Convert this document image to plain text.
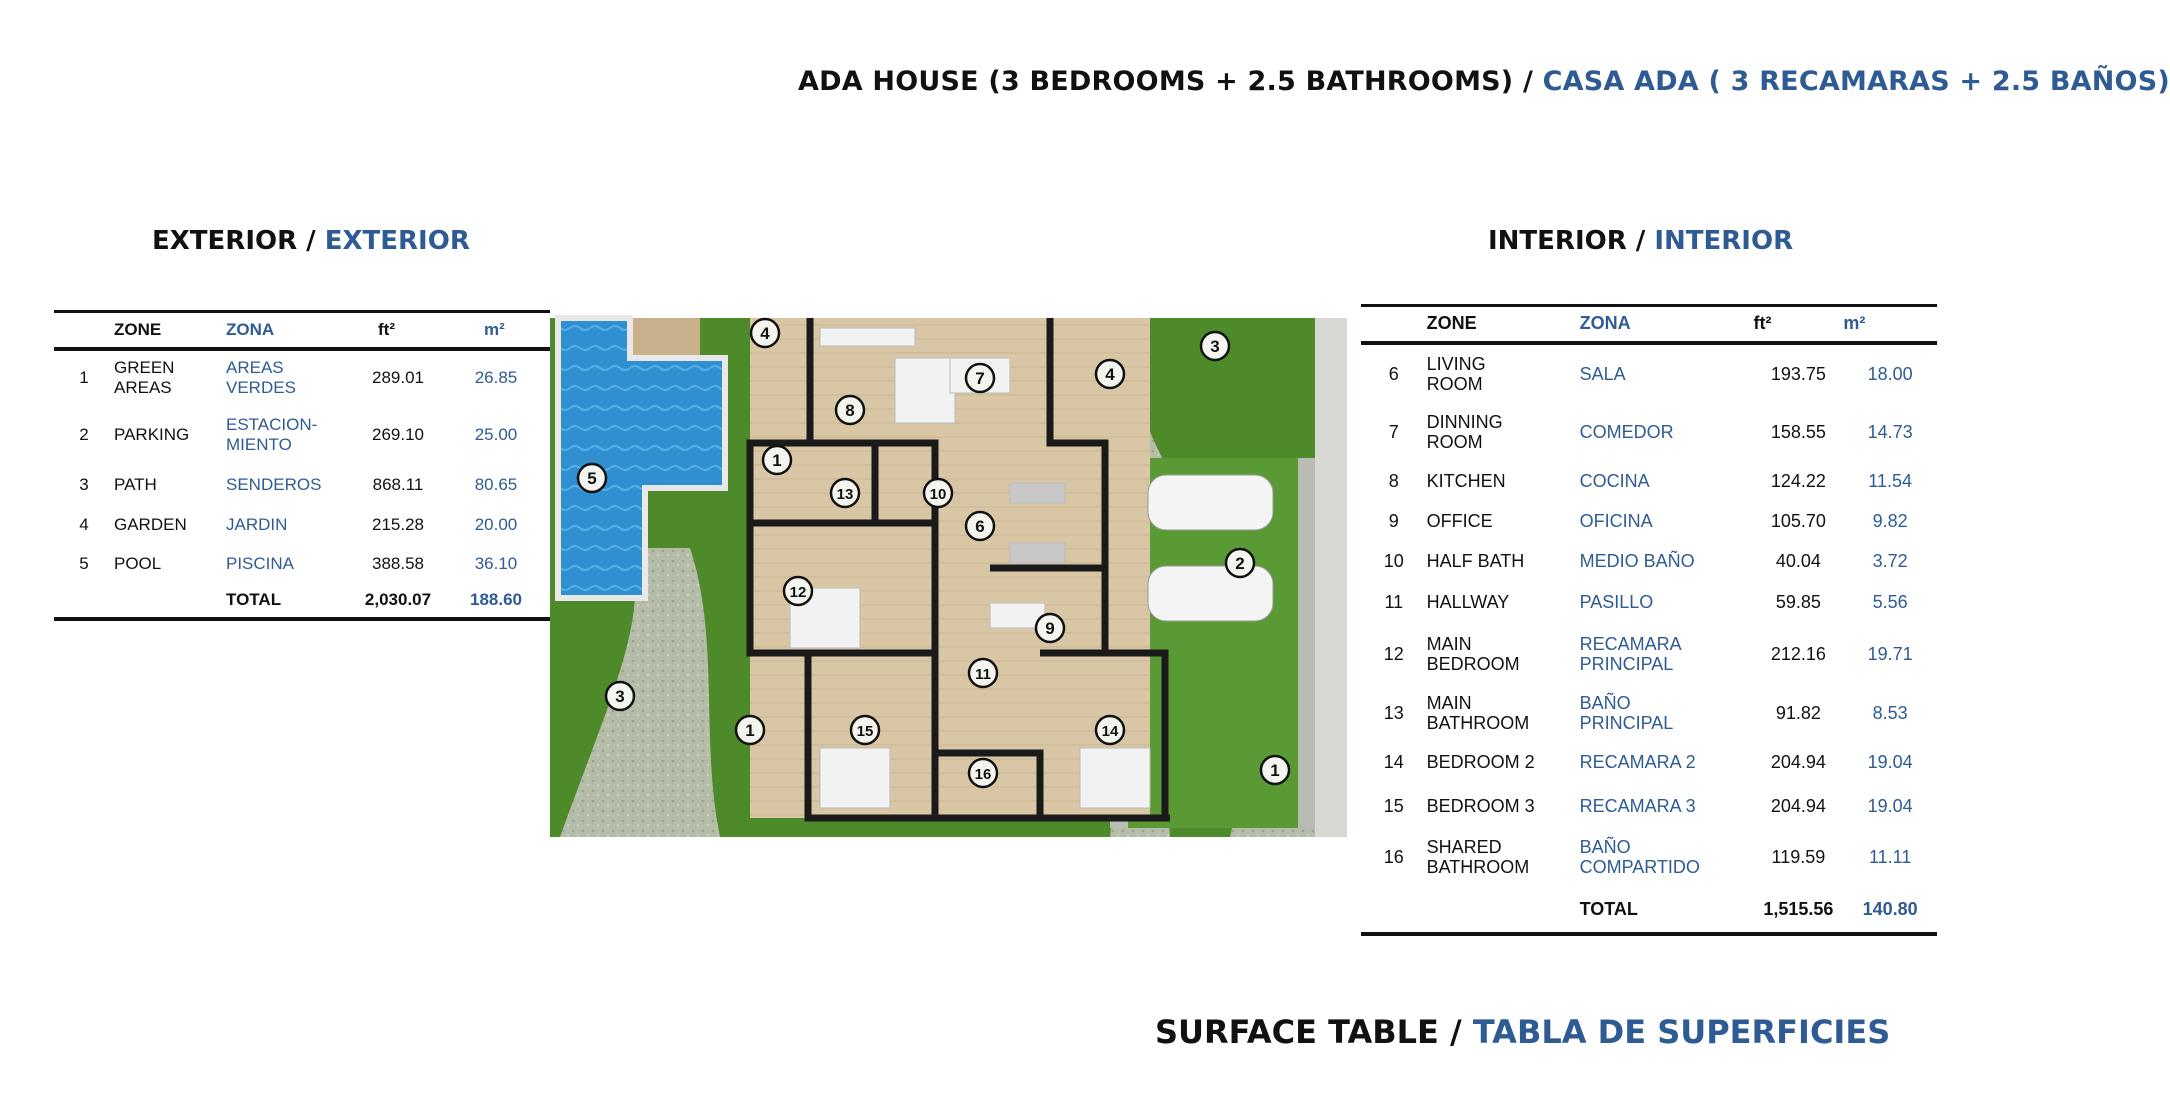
ADA HOUSE (3 BEDROOMS + 2.5 BATHROOMS) / CASA ADA ( 3 RECAMARAS + 2.5 BAÑOS)
EXTERIOR / EXTERIOR
	ZONE	ZONA	ft²	m²
1	GREEN AREAS	AREAS VERDES	289.01	26.85
2	PARKING	ESTACION- MIENTO	269.10	25.00
3	PATH	SENDEROS	868.11	80.65
4	GARDEN	JARDIN	215.28	20.00
5	POOL	PISCINA	388.58	36.10
		TOTAL	2,030.07	188.60
INTERIOR / INTERIOR
	ZONE	ZONA	ft²	m²
6	LIVING ROOM	SALA	193.75	18.00
7	DINNING ROOM	COMEDOR	158.55	14.73
8	KITCHEN	COCINA	124.22	11.54
9	OFFICE	OFICINA	105.70	9.82
10	HALF BATH	MEDIO BAÑO	40.04	3.72
11	HALLWAY	PASILLO	59.85	5.56
12	MAIN BEDROOM	RECAMARA PRINCIPAL	212.16	19.71
13	MAIN BATHROOM	BAÑO PRINCIPAL	91.82	8.53
14	BEDROOM 2	RECAMARA 2	204.94	19.04
15	BEDROOM 3	RECAMARA 3	204.94	19.04
16	SHARED BATHROOM	BAÑO COMPARTIDO	119.59	11.11
		TOTAL	1,515.56	140.80
1
1
1
2
3
3
4
4
5
6
7
8
9
10
11
12
13
14
15
16
SURFACE TABLE / TABLA DE SUPERFICIES
